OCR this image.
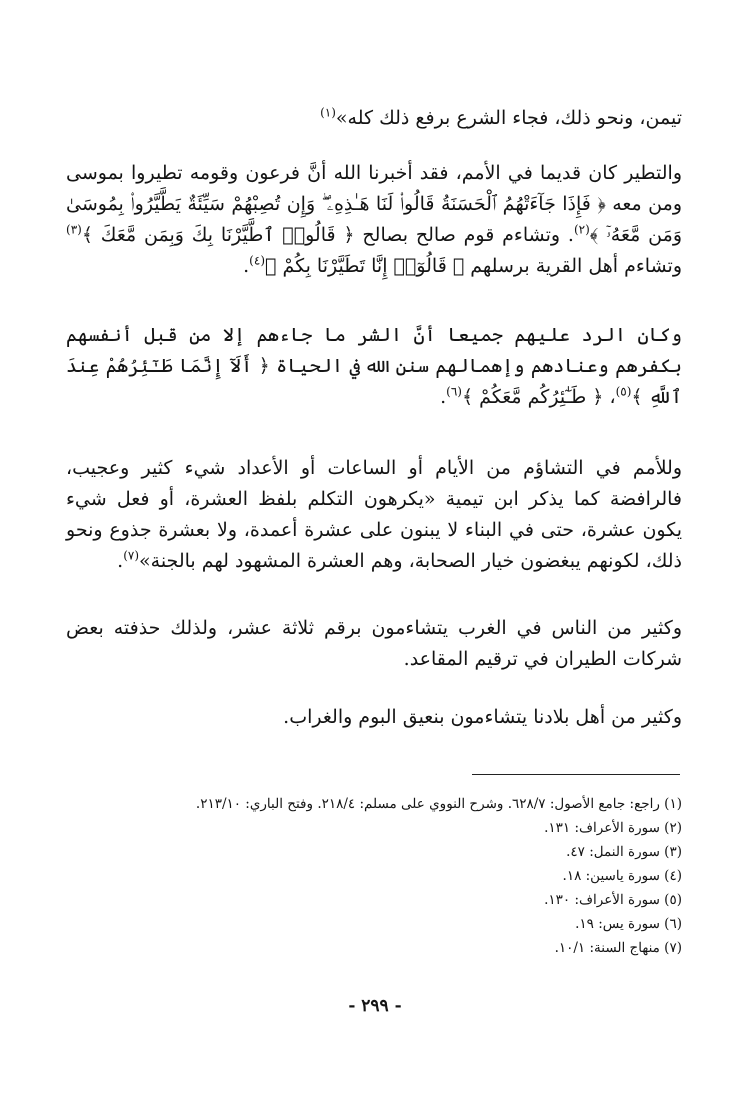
تيمن، ونحو ذلك، فجاء الشرع برفع ذلك كله»$^{(١)}$

والتطير كان قديما في الأمم، فقد أخبرنا الله أنَّ فرعون وقومه تطيروا بموسى ومن معه ﴿ فَإِذَا جَآءَتْهُمُ ٱلْحَسَنَةُ قَالُوا۟ لَنَا هَـٰذِهِۦ ۖ وَإِن تُصِبْهُمْ سَيِّئَةٌ يَطَّيَّرُوا۟ بِمُوسَىٰ وَمَن مَّعَهُۥٓ ﴾$^{(٢)}$. وتشاءم قوم صالح بصالح ﴿ قَالُوا۟ ٱطَّيَّرْنَا بِكَ وَبِمَن مَّعَكَ ﴾$^{(٣)}$ وتشاءم أهل القرية برسلهم ﴿ قَالُوٓا۟ إِنَّا تَطَيَّرْنَا بِكُمْ ﴾$^{(٤)}$.

وكان الرد عليهم جميعا أنَّ الشر ما جاءهم إلا من قبل أنفسهم بكفرهم وعنادهم وإهمالهم سنن الله في الحياة ﴿ أَلَآ إِنَّمَا طَـٰٓئِرُهُمْ عِندَ ٱللَّهِ ﴾$^{(٥)}$، ﴿ طَـٰٓئِرُكُم مَّعَكُمْ ﴾$^{(٦)}$.

وللأمم في التشاؤم من الأيام أو الساعات أو الأعداد شيء كثير وعجيب، فالرافضة كما يذكر ابن تيمية «يكرهون التكلم بلفظ العشرة، أو فعل شيء يكون عشرة، حتى في البناء لا يبنون على عشرة أعمدة، ولا بعشرة جذوع ونحو ذلك، لكونهم يبغضون خيار الصحابة، وهم العشرة المشهود لهم بالجنة»$^{(٧)}$.

وكثير من الناس في الغرب يتشاءمون برقم ثلاثة عشر، ولذلك حذفته بعض شركات الطيران في ترقيم المقاعد.

وكثير من أهل بلادنا يتشاءمون بنعيق البوم والغراب.

(١) راجع: جامع الأصول: ٦٢٨/٧. وشرح النووي على مسلم: ٢١٨/٤. وفتح الباري: ٢١٣/١٠.
(٢) سورة الأعراف: ١٣١.
(٣) سورة النمل: ٤٧.
(٤) سورة ياسين: ١٨.
(٥) سورة الأعراف: ١٣٠.
(٦) سورة يس: ١٩.
(٧) منهاج السنة: ١٠/١.
- ٢٩٩ -
